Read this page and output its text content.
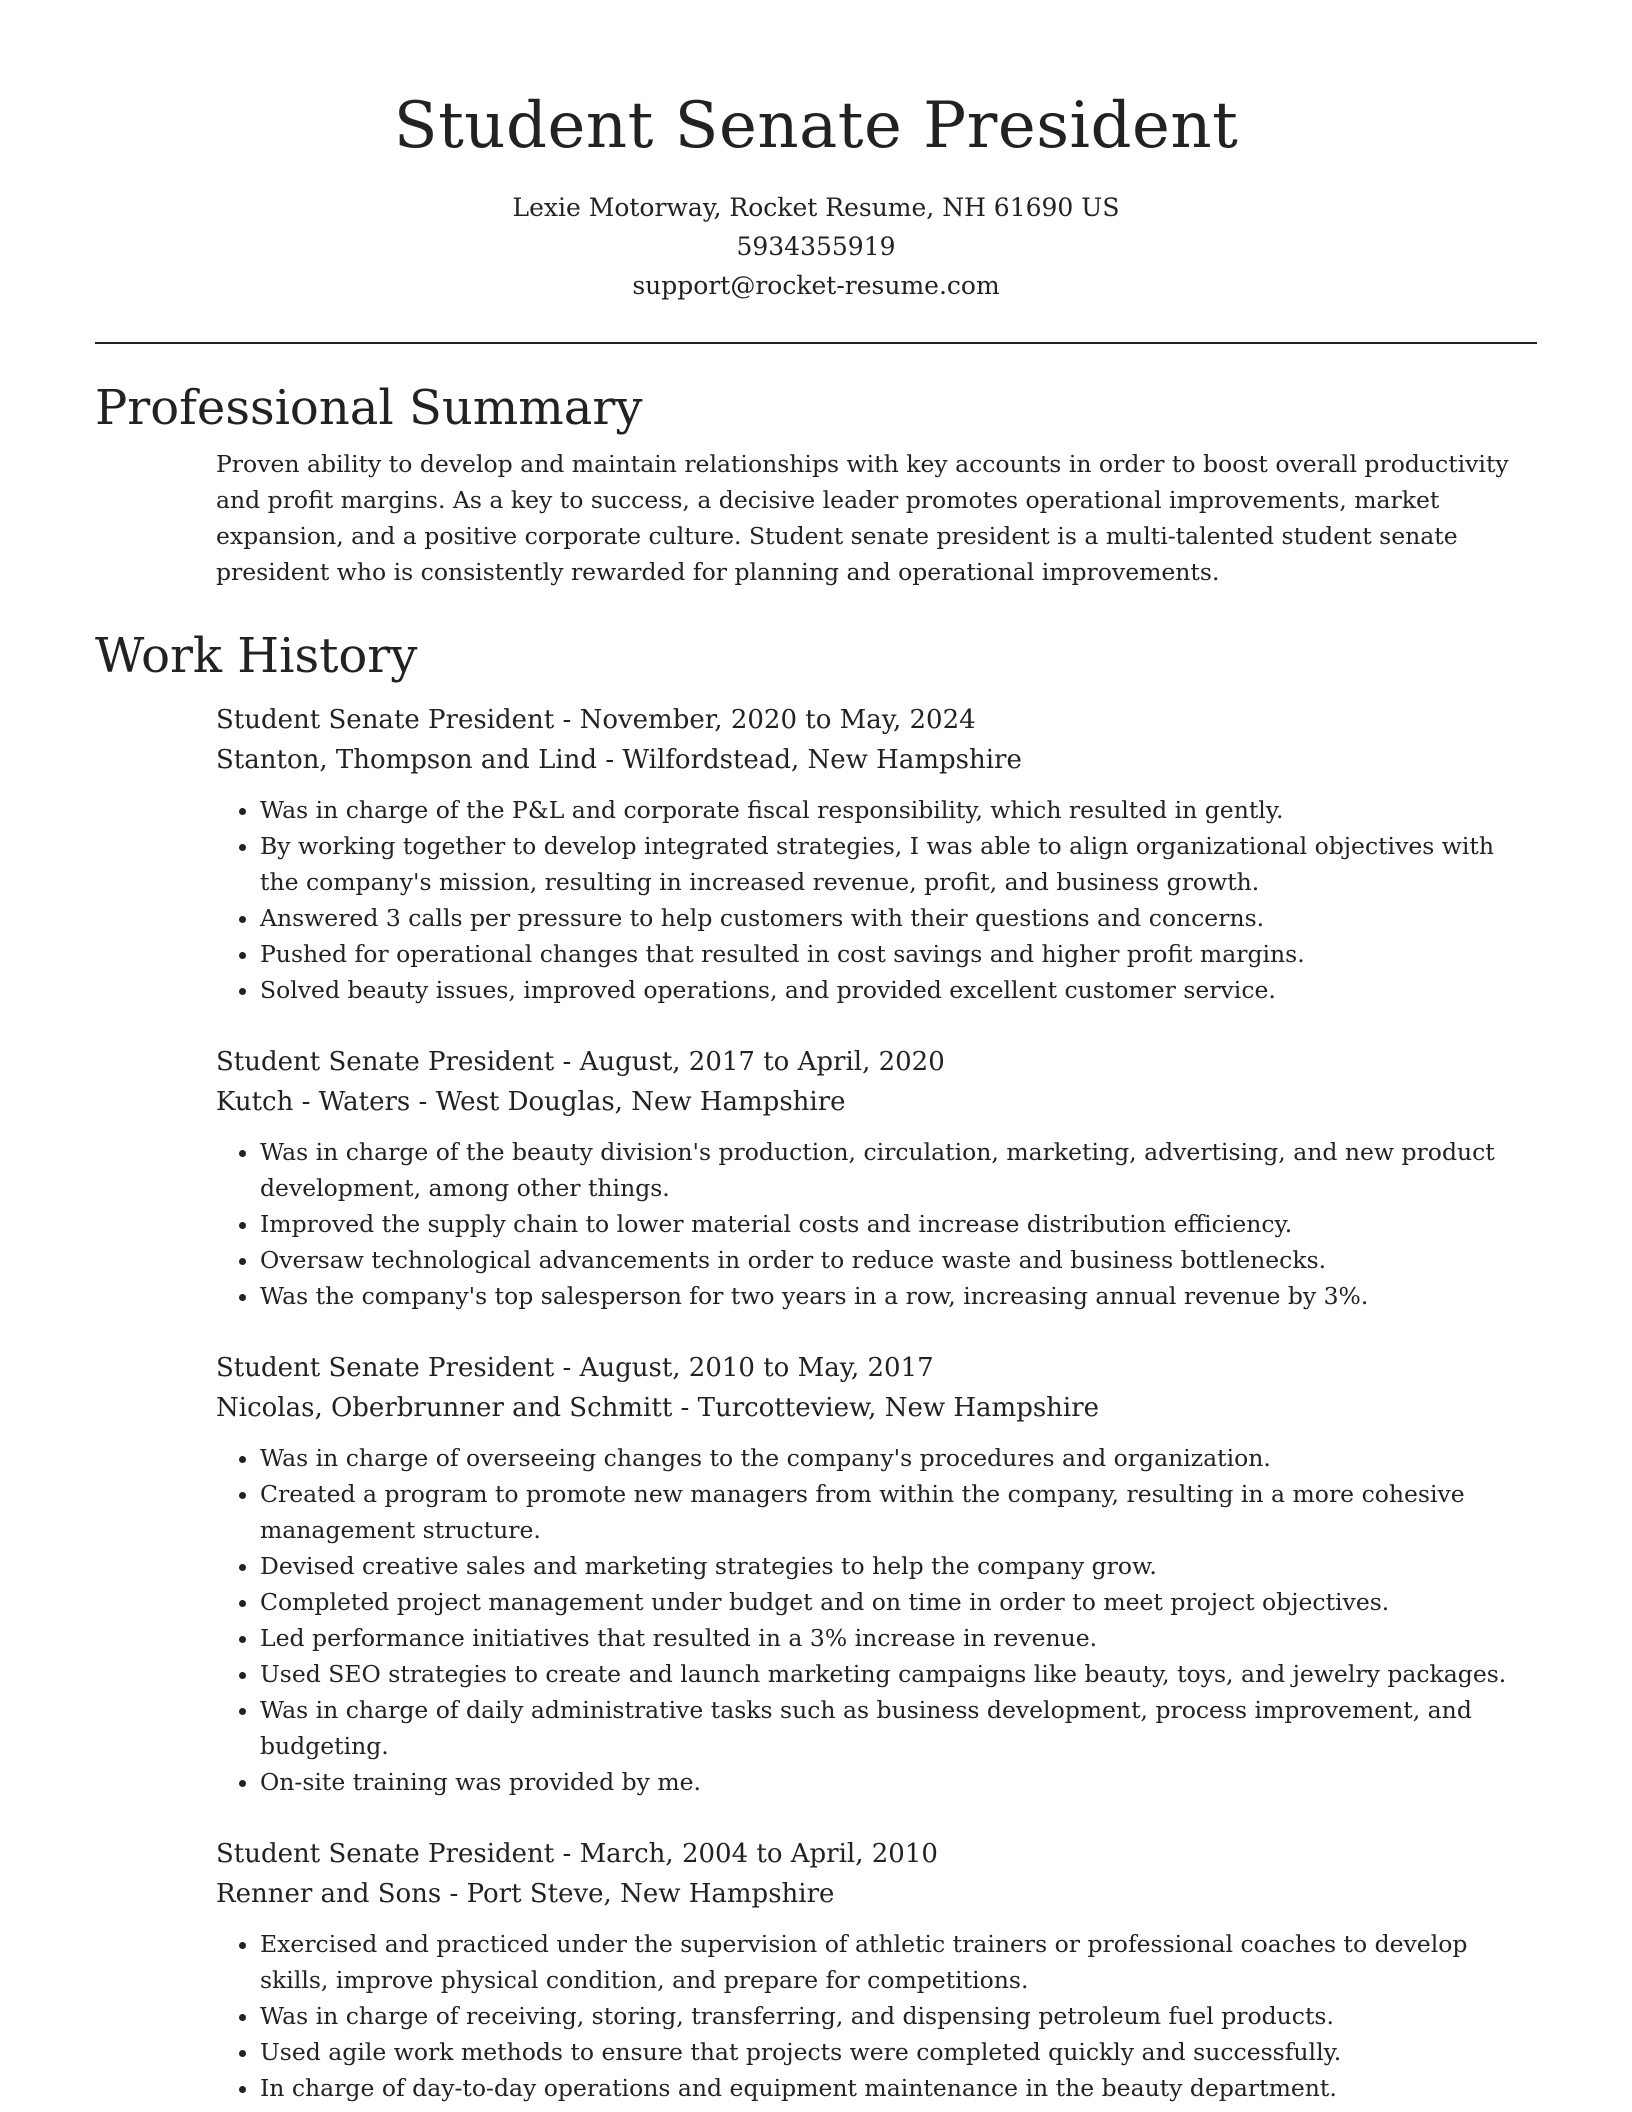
Student Senate President
Lexie Motorway, Rocket Resume, NH 61690 US
5934355919
support@rocket-resume.com
Professional Summary
Proven ability to develop and maintain relationships with key accounts in order to boost overall productivity and profit margins. As a key to success, a decisive leader promotes operational improvements, market expansion, and a positive corporate culture. Student senate president is a multi-talented student senate president who is consistently rewarded for planning and operational improvements.
Work History
Student Senate President - November, 2020 to May, 2024
Stanton, Thompson and Lind - Wilfordstead, New Hampshire
• Was in charge of the P&L and corporate fiscal responsibility, which resulted in gently.
• By working together to develop integrated strategies, I was able to align organizational objectives with the company's mission, resulting in increased revenue, profit, and business growth.
• Answered 3 calls per pressure to help customers with their questions and concerns.
• Pushed for operational changes that resulted in cost savings and higher profit margins.
• Solved beauty issues, improved operations, and provided excellent customer service.
Student Senate President - August, 2017 to April, 2020
Kutch - Waters - West Douglas, New Hampshire
• Was in charge of the beauty division's production, circulation, marketing, advertising, and new product development, among other things.
• Improved the supply chain to lower material costs and increase distribution efficiency.
• Oversaw technological advancements in order to reduce waste and business bottlenecks.
• Was the company's top salesperson for two years in a row, increasing annual revenue by 3%.
Student Senate President - August, 2010 to May, 2017
Nicolas, Oberbrunner and Schmitt - Turcotteview, New Hampshire
• Was in charge of overseeing changes to the company's procedures and organization.
• Created a program to promote new managers from within the company, resulting in a more cohesive management structure.
• Devised creative sales and marketing strategies to help the company grow.
• Completed project management under budget and on time in order to meet project objectives.
• Led performance initiatives that resulted in a 3% increase in revenue.
• Used SEO strategies to create and launch marketing campaigns like beauty, toys, and jewelry packages.
• Was in charge of daily administrative tasks such as business development, process improvement, and budgeting.
• On-site training was provided by me.
Student Senate President - March, 2004 to April, 2010
Renner and Sons - Port Steve, New Hampshire
• Exercised and practiced under the supervision of athletic trainers or professional coaches to develop skills, improve physical condition, and prepare for competitions.
• Was in charge of receiving, storing, transferring, and dispensing petroleum fuel products.
• Used agile work methods to ensure that projects were completed quickly and successfully.
• In charge of day-to-day operations and equipment maintenance in the beauty department.
